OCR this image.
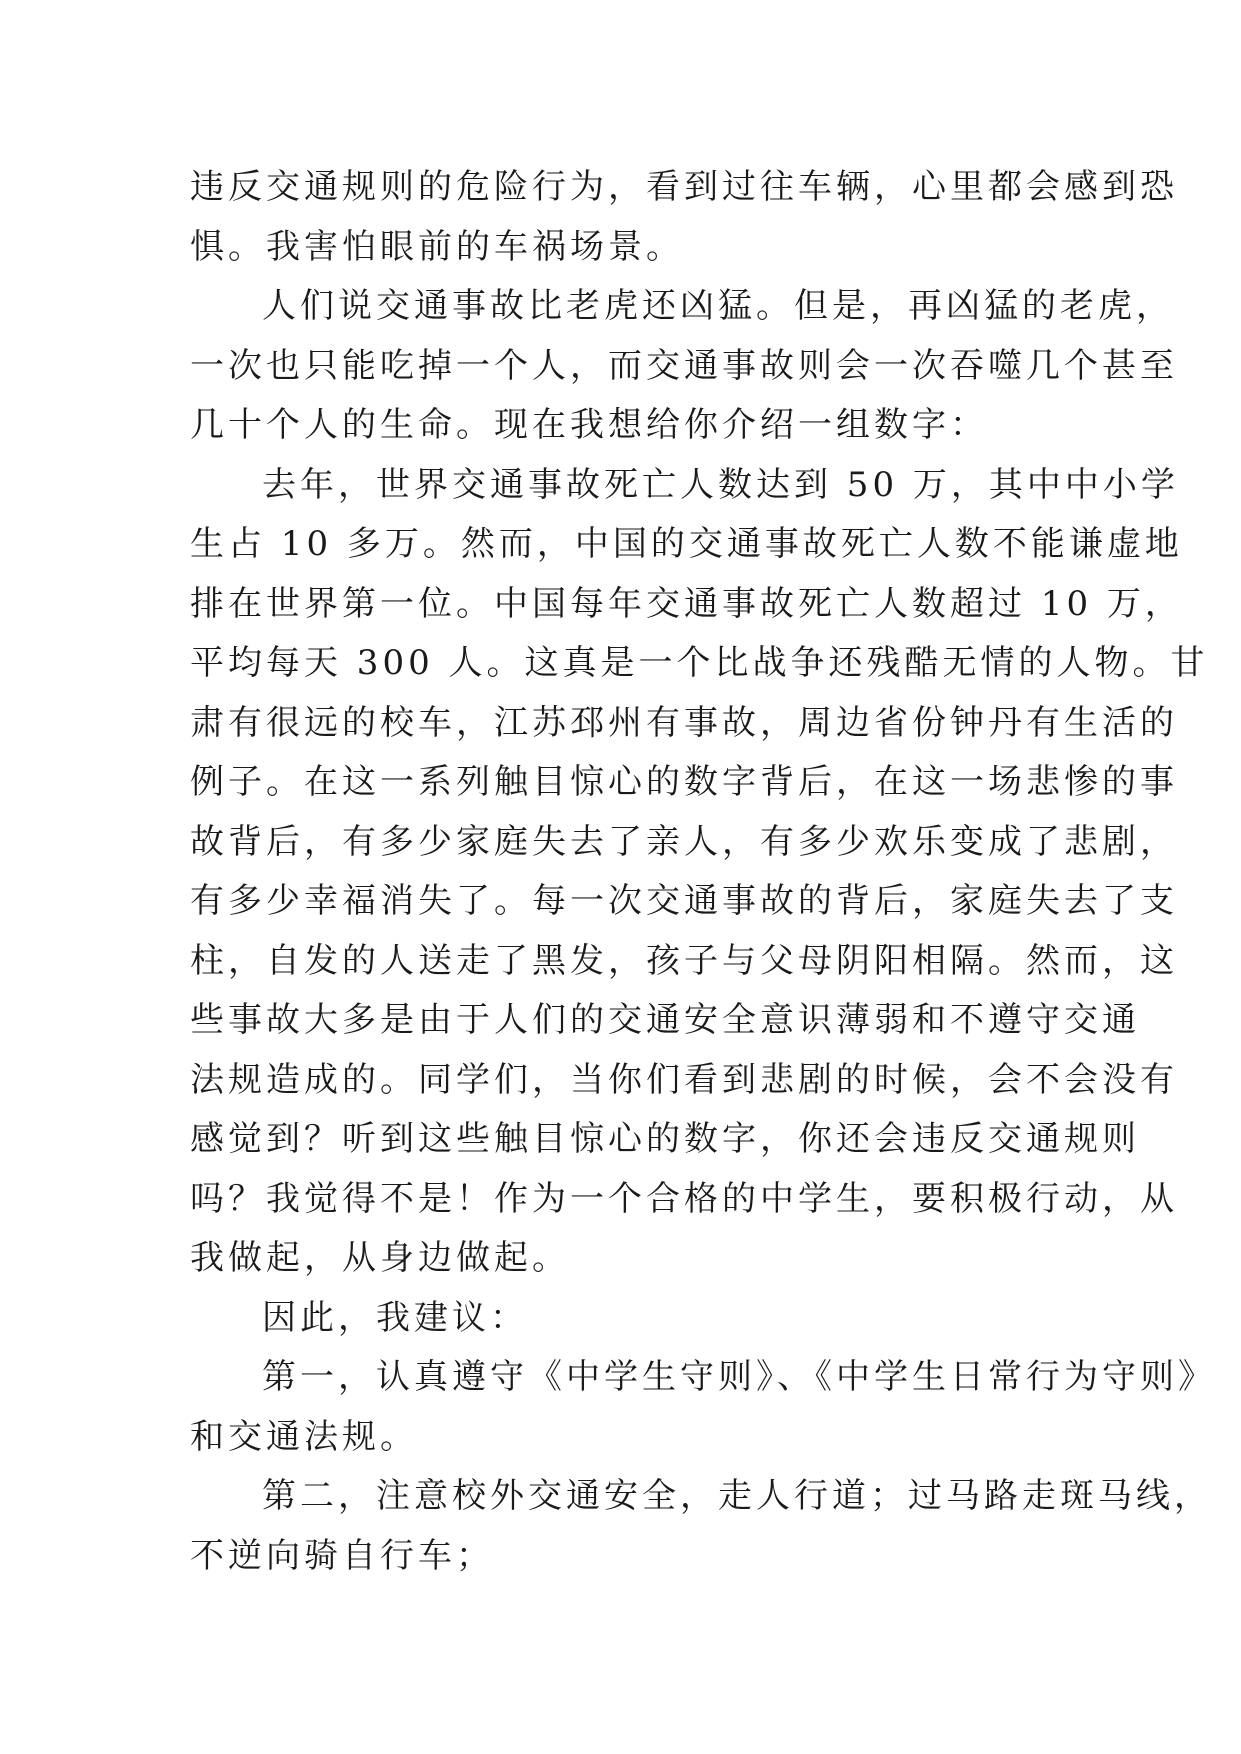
违反交通规则的危险行为，看到过往车辆，心里都会感到恐
惧。我害怕眼前的车祸场景。
人们说交通事故比老虎还凶猛。但是，再凶猛的老虎，
一次也只能吃掉一个人，而交通事故则会一次吞噬几个甚至
几十个人的生命。现在我想给你介绍一组数字：
去年，世界交通事故死亡人数达到 50 万，其中中小学
生占 10 多万。然而，中国的交通事故死亡人数不能谦虚地
排在世界第一位。中国每年交通事故死亡人数超过 10 万，
平均每天 300 人。这真是一个比战争还残酷无情的人物。甘
肃有很远的校车，江苏邳州有事故，周边省份钟丹有生活的
例子。在这一系列触目惊心的数字背后，在这一场悲惨的事
故背后，有多少家庭失去了亲人，有多少欢乐变成了悲剧，
有多少幸福消失了。每一次交通事故的背后，家庭失去了支
柱，自发的人送走了黑发，孩子与父母阴阳相隔。然而，这
些事故大多是由于人们的交通安全意识薄弱和不遵守交通
法规造成的。同学们，当你们看到悲剧的时候，会不会没有
感觉到？听到这些触目惊心的数字，你还会违反交通规则
吗？我觉得不是！作为一个合格的中学生，要积极行动，从
我做起，从身边做起。
因此，我建议：
第一，认真遵守《中学生守则》、《中学生日常行为守则》
和交通法规。
第二，注意校外交通安全，走人行道；过马路走斑马线，
不逆向骑自行车；
